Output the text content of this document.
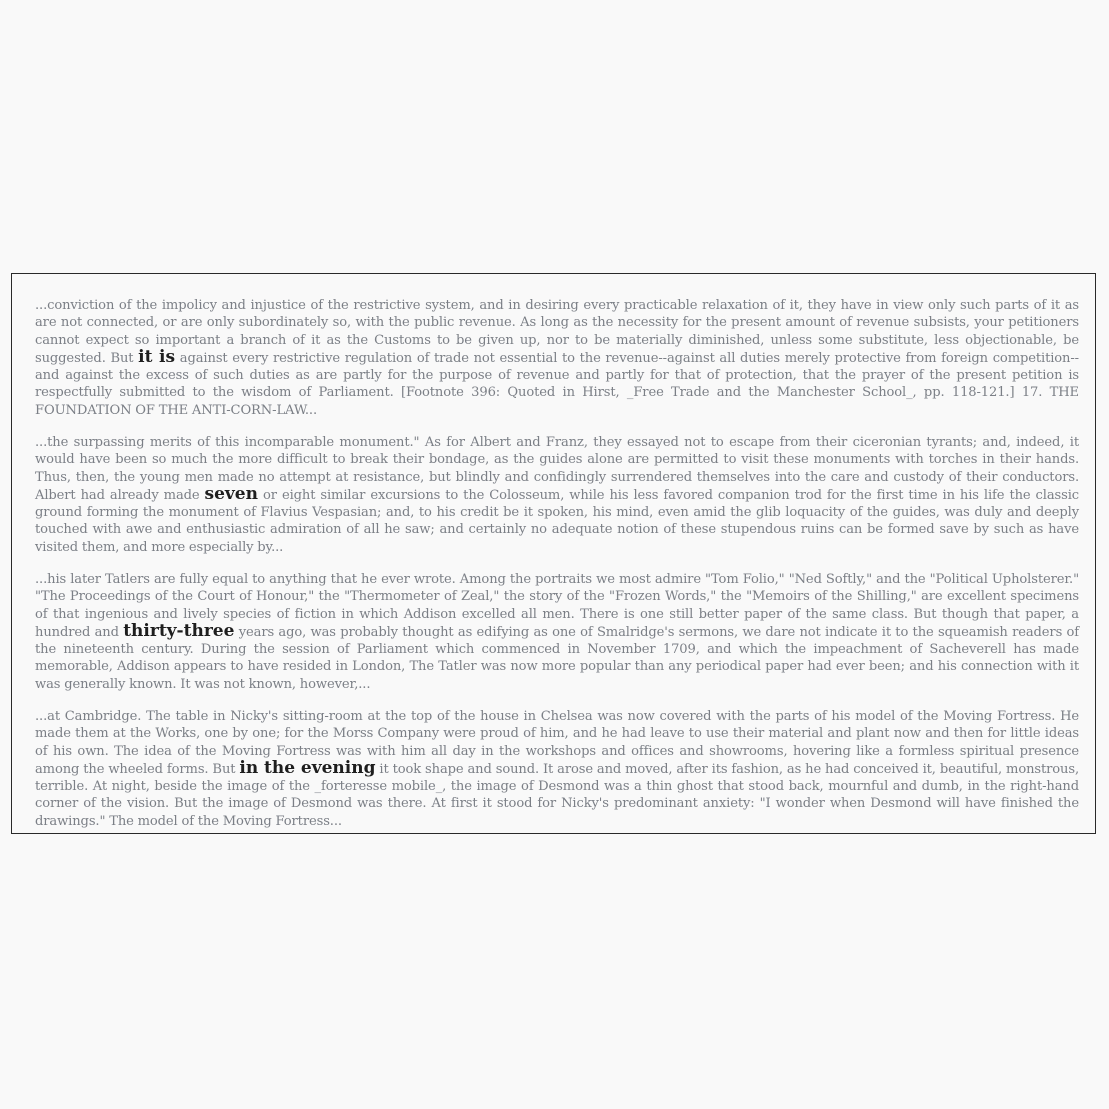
...conviction of the impolicy and injustice of the restrictive system, and in desiring every practicable relaxation of it, they have in view only such parts of it as are not connected, or are only subordinately so, with the public revenue. As long as the necessity for the present amount of revenue subsists, your petitioners cannot expect so important a branch of it as the Customs to be given up, nor to be materially diminished, unless some substitute, less objectionable, be suggested. But it is against every restrictive regulation of trade not essential to the revenue--against all duties merely protective from foreign competition--and against the excess of such duties as are partly for the purpose of revenue and partly for that of protection, that the prayer of the present petition is respectfully submitted to the wisdom of Parliament. [Footnote 396: Quoted in Hirst, _Free Trade and the Manchester School_, pp. 118-121.] 17. THE FOUNDATION OF THE ANTI-CORN-LAW...

...the surpassing merits of this incomparable monument." As for Albert and Franz, they essayed not to escape from their ciceronian tyrants; and, indeed, it would have been so much the more difficult to break their bondage, as the guides alone are permitted to visit these monuments with torches in their hands. Thus, then, the young men made no attempt at resistance, but blindly and confidingly surrendered themselves into the care and custody of their conductors. Albert had already made seven or eight similar excursions to the Colosseum, while his less favored companion trod for the first time in his life the classic ground forming the monument of Flavius Vespasian; and, to his credit be it spoken, his mind, even amid the glib loquacity of the guides, was duly and deeply touched with awe and enthusiastic admiration of all he saw; and certainly no adequate notion of these stupendous ruins can be formed save by such as have visited them, and more especially by...

...his later Tatlers are fully equal to anything that he ever wrote. Among the portraits we most admire "Tom Folio," "Ned Softly," and the "Political Upholsterer." "The Proceedings of the Court of Honour," the "Thermometer of Zeal," the story of the "Frozen Words," the "Memoirs of the Shilling," are excellent specimens of that ingenious and lively species of fiction in which Addison excelled all men. There is one still better paper of the same class. But though that paper, a hundred and thirty-three years ago, was probably thought as edifying as one of Smalridge's sermons, we dare not indicate it to the squeamish readers of the nineteenth century. During the session of Parliament which commenced in November 1709, and which the impeachment of Sacheverell has made memorable, Addison appears to have resided in London, The Tatler was now more popular than any periodical paper had ever been; and his connection with it was generally known. It was not known, however,...

...at Cambridge. The table in Nicky's sitting-room at the top of the house in Chelsea was now covered with the parts of his model of the Moving Fortress. He made them at the Works, one by one; for the Morss Company were proud of him, and he had leave to use their material and plant now and then for little ideas of his own. The idea of the Moving Fortress was with him all day in the workshops and offices and showrooms, hovering like a formless spiritual presence among the wheeled forms. But in the evening it took shape and sound. It arose and moved, after its fashion, as he had conceived it, beautiful, monstrous, terrible. At night, beside the image of the _forteresse mobile_, the image of Desmond was a thin ghost that stood back, mournful and dumb, in the right-hand corner of the vision. But the image of Desmond was there. At first it stood for Nicky's predominant anxiety: "I wonder when Desmond will have finished the drawings." The model of the Moving Fortress...
